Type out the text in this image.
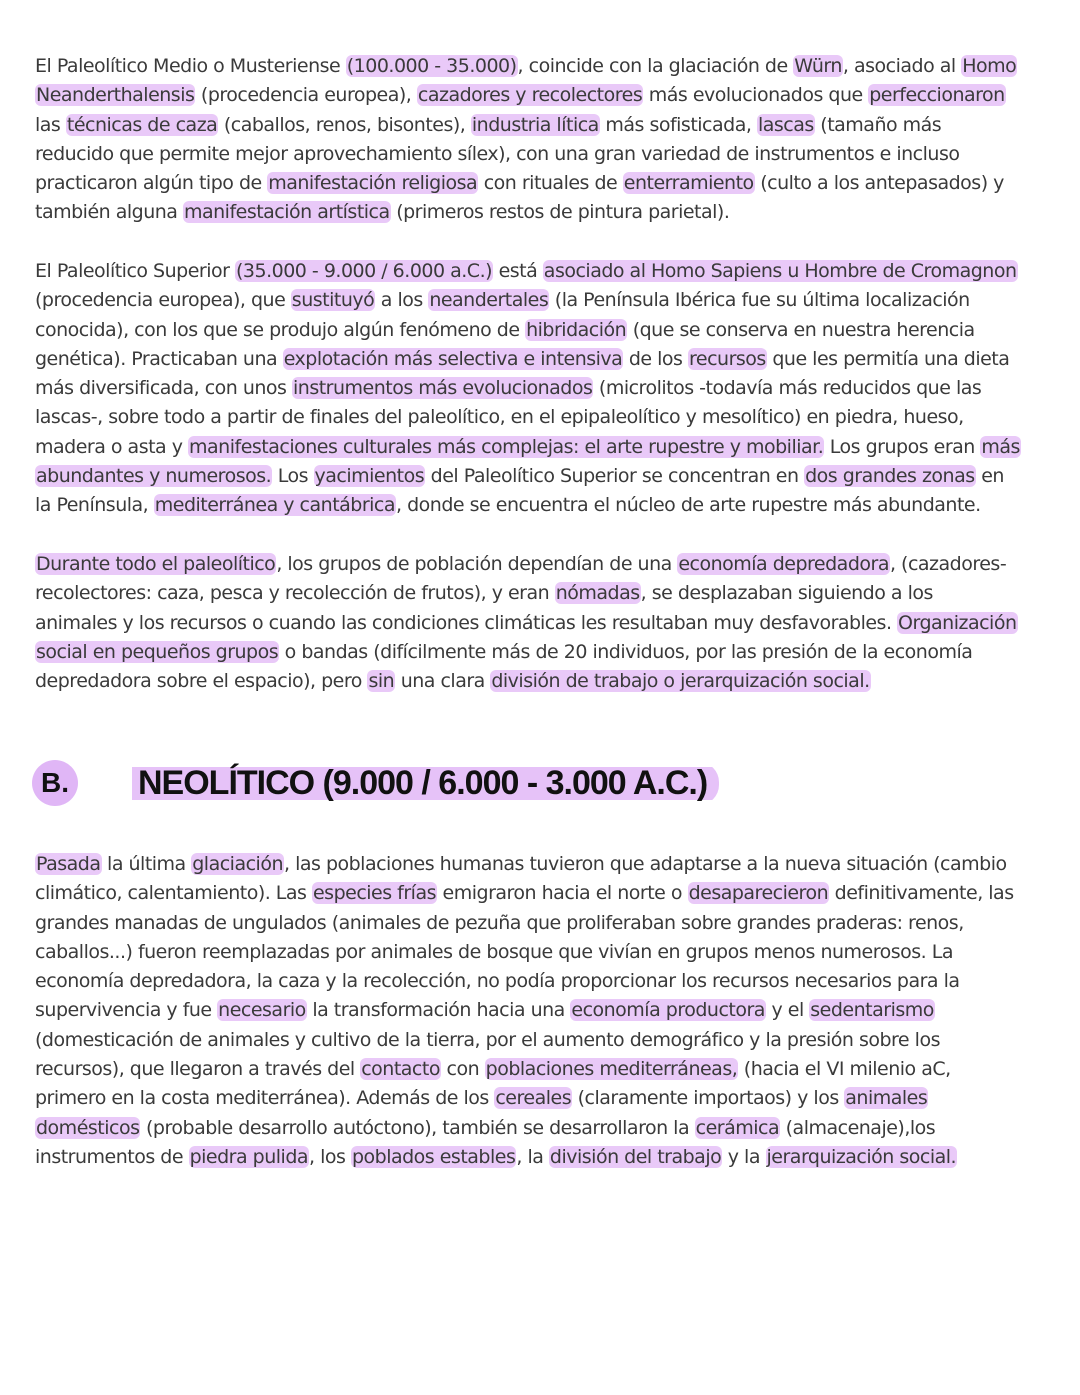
El Paleolítico Medio o Musteriense (100.000 - 35.000), coincide con la glaciación de Würn, asociado al Homo Neanderthalensis (procedencia europea), cazadores y recolectores más evolucionados que perfeccionaron las técnicas de caza (caballos, renos, bisontes), industria lítica más sofisticada, lascas (tamaño más reducido que permite mejor aprovechamiento sílex), con una gran variedad de instrumentos e incluso practicaron algún tipo de manifestación religiosa con rituales de enterramiento (culto a los antepasados) y también alguna manifestación artística (primeros restos de pintura parietal).

El Paleolítico Superior (35.000 - 9.000 / 6.000 a.C.) está asociado al Homo Sapiens u Hombre de Cromagnon (procedencia europea), que sustituyó a los neandertales (la Península Ibérica fue su última localización conocida), con los que se produjo algún fenómeno de hibridación (que se conserva en nuestra herencia genética). Practicaban una explotación más selectiva e intensiva de los recursos que les permitía una dieta más diversificada, con unos instrumentos más evolucionados (microlitos -todavía más reducidos que las lascas-, sobre todo a partir de finales del paleolítico, en el epipaleolítico y mesolítico) en piedra, hueso, madera o asta y manifestaciones culturales más complejas: el arte rupestre y mobiliar. Los grupos eran más abundantes y numerosos. Los yacimientos del Paleolítico Superior se concentran en dos grandes zonas en la Península, mediterránea y cantábrica, donde se encuentra el núcleo de arte rupestre más abundante.

Durante todo el paleolítico, los grupos de población dependían de una economía depredadora, (cazadores-recolectores: caza, pesca y recolección de frutos), y eran nómadas, se desplazaban siguiendo a los animales y los recursos o cuando las condiciones climáticas les resultaban muy desfavorables. Organización social en pequeños grupos o bandas (difícilmente más de 20 individuos, por las presión de la economía depredadora sobre el espacio), pero sin una clara división de trabajo o jerarquización social.

B. NEOLÍTICO (9.000 / 6.000 - 3.000 A.C.)

Pasada la última glaciación, las poblaciones humanas tuvieron que adaptarse a la nueva situación (cambio climático, calentamiento). Las especies frías emigraron hacia el norte o desaparecieron definitivamente, las grandes manadas de ungulados (animales de pezuña que proliferaban sobre grandes praderas: renos, caballos...) fueron reemplazadas por animales de bosque que vivían en grupos menos numerosos. La economía depredadora, la caza y la recolección, no podía proporcionar los recursos necesarios para la supervivencia y fue necesario la transformación hacia una economía productora y el sedentarismo (domesticación de animales y cultivo de la tierra, por el aumento demográfico y la presión sobre los recursos), que llegaron a través del contacto con poblaciones mediterráneas, (hacia el VI milenio aC, primero en la costa mediterránea). Además de los cereales (claramente importaos) y los animales domésticos (probable desarrollo autóctono), también se desarrollaron la cerámica (almacenaje),los instrumentos de piedra pulida, los poblados estables, la división del trabajo y la jerarquización social.
